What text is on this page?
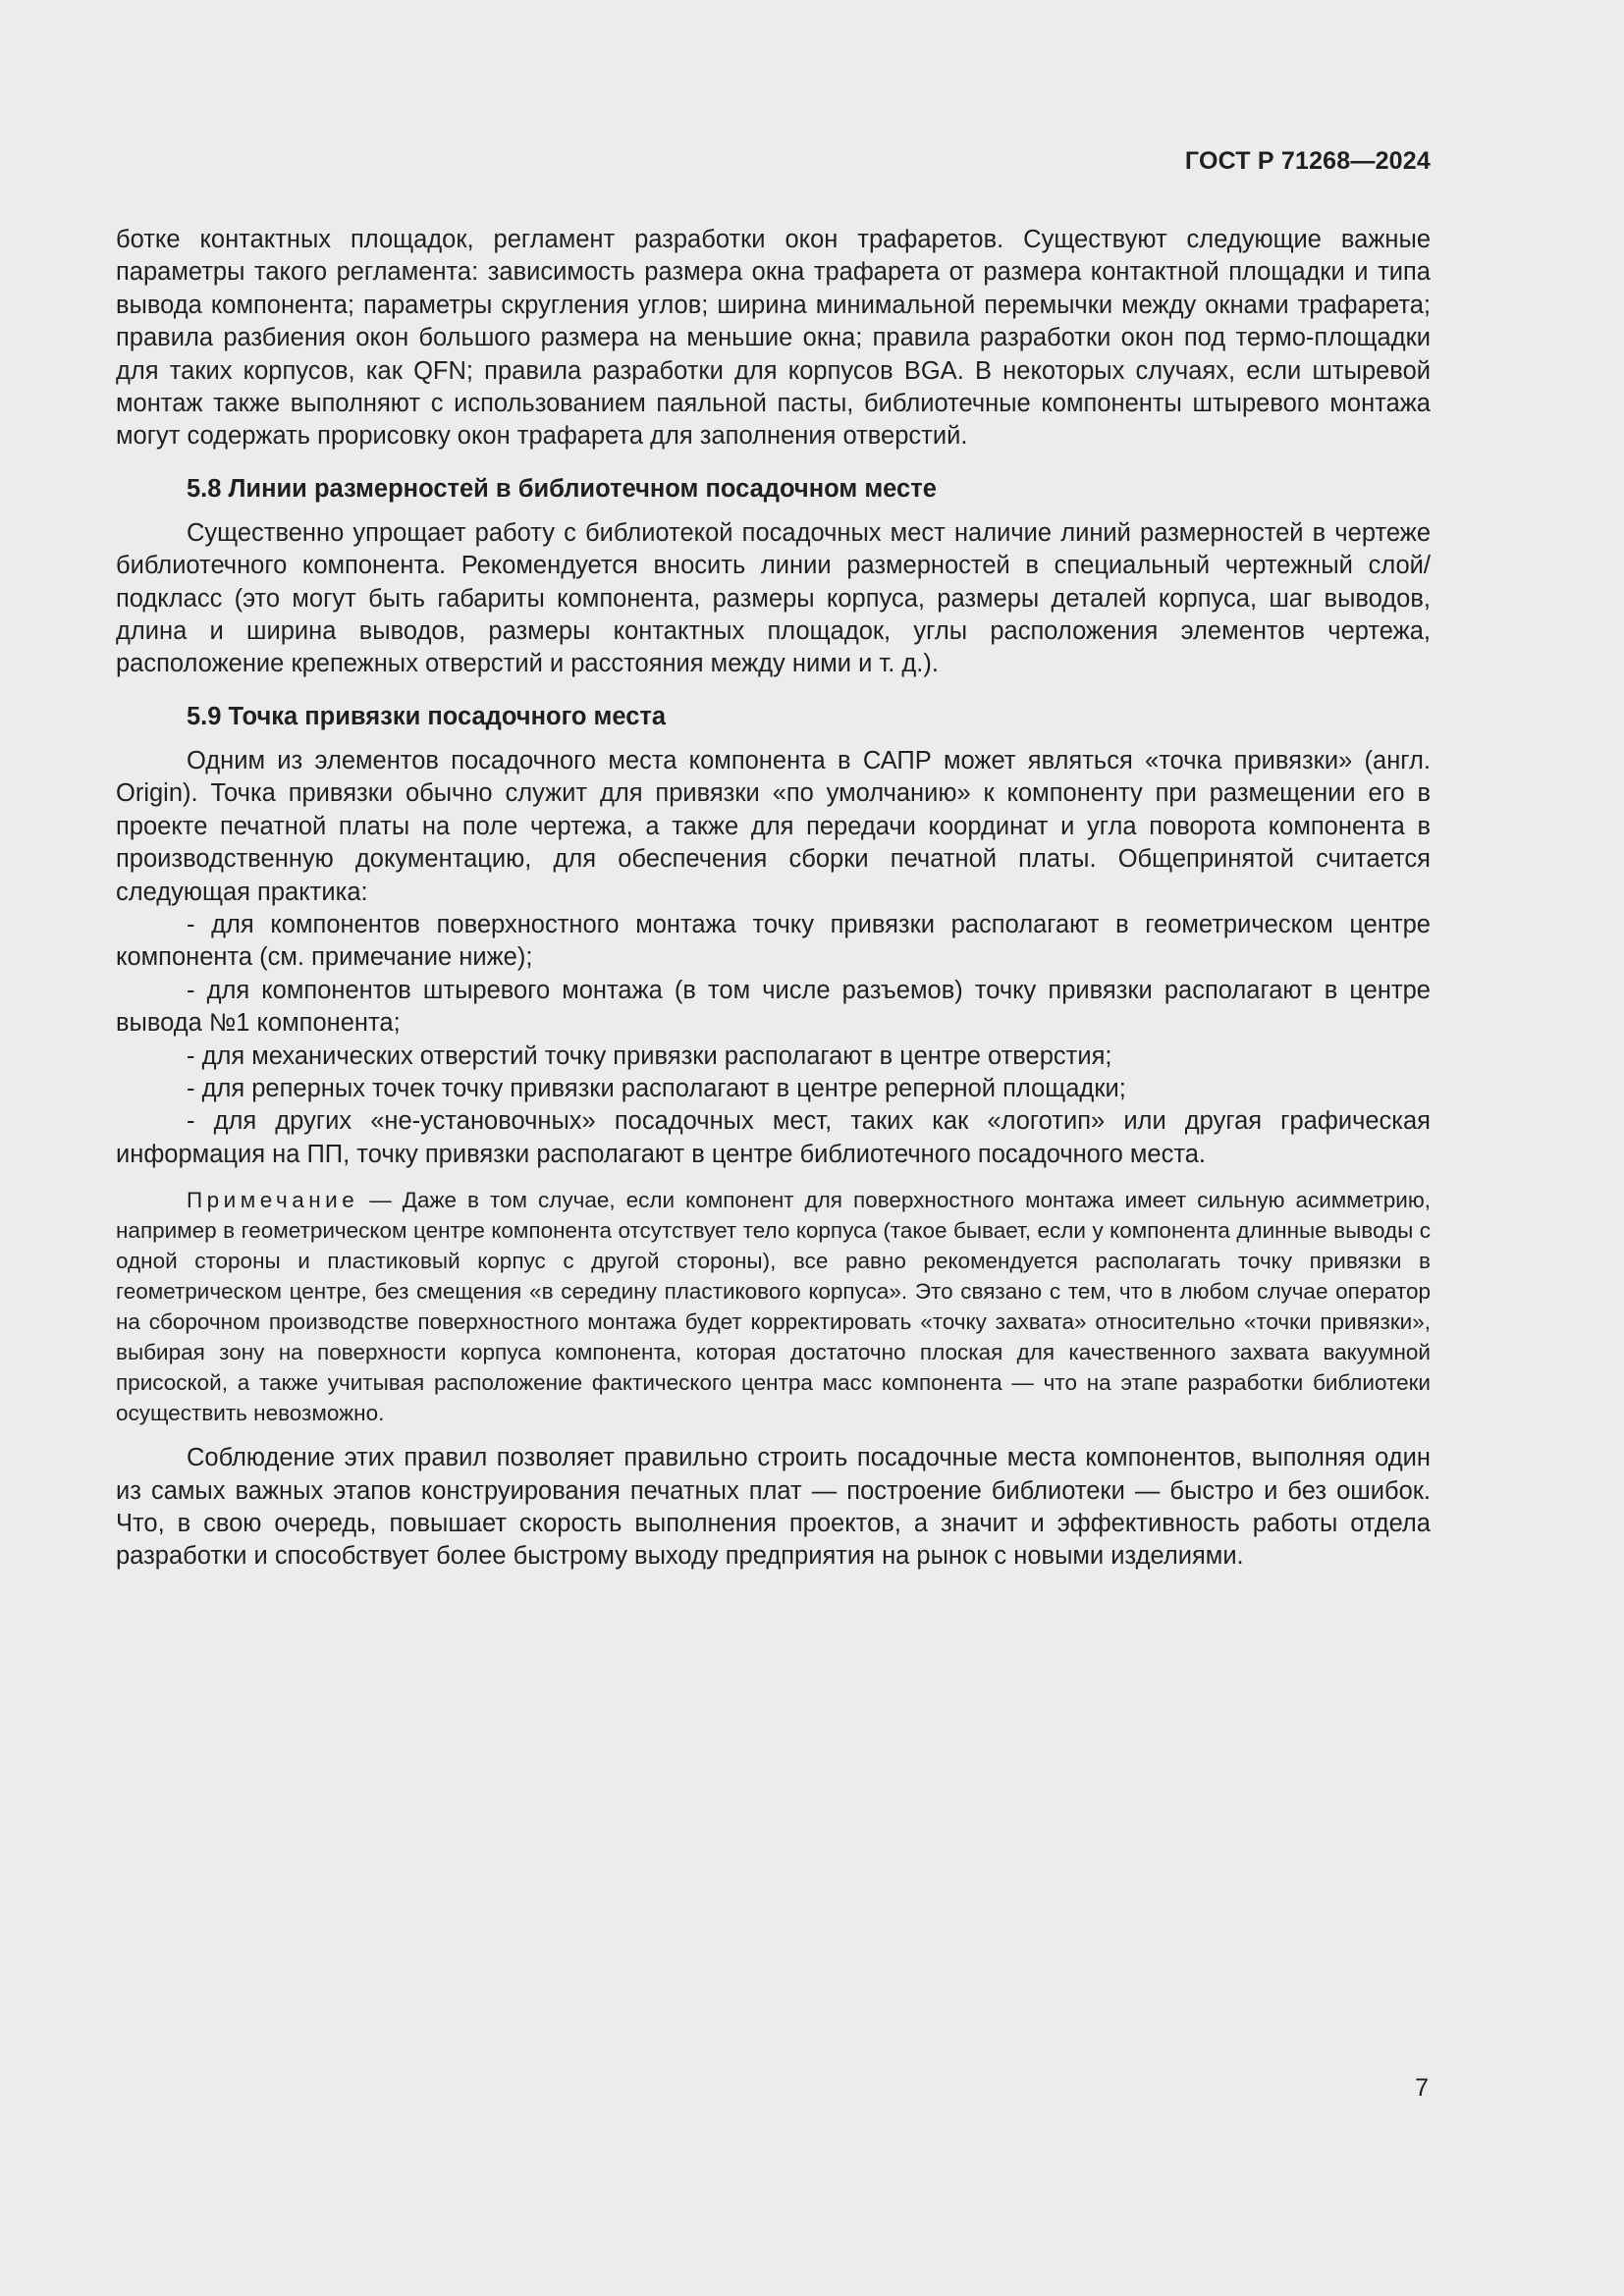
ГОСТ Р 71268—2024

ботке контактных площадок, регламент разработки окон трафаретов. Существуют следующие важные параметры такого регламента: зависимость размера окна трафарета от размера контактной площадки и типа вывода компонента; параметры скругления углов; ширина минимальной перемычки между окнами трафарета; правила разбиения окон большого размера на меньшие окна; правила разработки окон под термо-площадки для таких корпусов, как QFN; правила разработки для корпусов BGA. В некоторых случаях, если штыревой монтаж также выполняют с использованием паяльной пасты, библиотечные компоненты штыревого монтажа могут содержать прорисовку окон трафарета для заполнения отверстий.

5.8 Линии размерностей в библиотечном посадочном месте

Существенно упрощает работу с библиотекой посадочных мест наличие линий размерностей в чертеже библиотечного компонента. Рекомендуется вносить линии размерностей в специальный чертежный слой/подкласс (это могут быть габариты компонента, размеры корпуса, размеры деталей корпуса, шаг выводов, длина и ширина выводов, размеры контактных площадок, углы расположения элементов чертежа, расположение крепежных отверстий и расстояния между ними и т. д.).

5.9 Точка привязки посадочного места

Одним из элементов посадочного места компонента в САПР может являться «точка привязки» (англ. Origin). Точка привязки обычно служит для привязки «по умолчанию» к компоненту при размещении его в проекте печатной платы на поле чертежа, а также для передачи координат и угла поворота компонента в производственную документацию, для обеспечения сборки печатной платы. Общепринятой считается следующая практика:

- для компонентов поверхностного монтажа точку привязки располагают в геометрическом центре компонента (см. примечание ниже);

- для компонентов штыревого монтажа (в том числе разъемов) точку привязки располагают в центре вывода №1 компонента;

- для механических отверстий точку привязки располагают в центре отверстия;

- для реперных точек точку привязки располагают в центре реперной площадки;

- для других «не-установочных» посадочных мест, таких как «логотип» или другая графическая информация на ПП, точку привязки располагают в центре библиотечного посадочного места.

Примечание — Даже в том случае, если компонент для поверхностного монтажа имеет сильную асимметрию, например в геометрическом центре компонента отсутствует тело корпуса (такое бывает, если у компонента длинные выводы с одной стороны и пластиковый корпус с другой стороны), все равно рекомендуется располагать точку привязки в геометрическом центре, без смещения «в середину пластикового корпуса». Это связано с тем, что в любом случае оператор на сборочном производстве поверхностного монтажа будет корректировать «точку захвата» относительно «точки привязки», выбирая зону на поверхности корпуса компонента, которая достаточно плоская для качественного захвата вакуумной присоской, а также учитывая расположение фактического центра масс компонента — что на этапе разработки библиотеки осуществить невозможно.

Соблюдение этих правил позволяет правильно строить посадочные места компонентов, выполняя один из самых важных этапов конструирования печатных плат — построение библиотеки — быстро и без ошибок. Что, в свою очередь, повышает скорость выполнения проектов, а значит и эффективность работы отдела разработки и способствует более быстрому выходу предприятия на рынок с новыми изделиями.

7
